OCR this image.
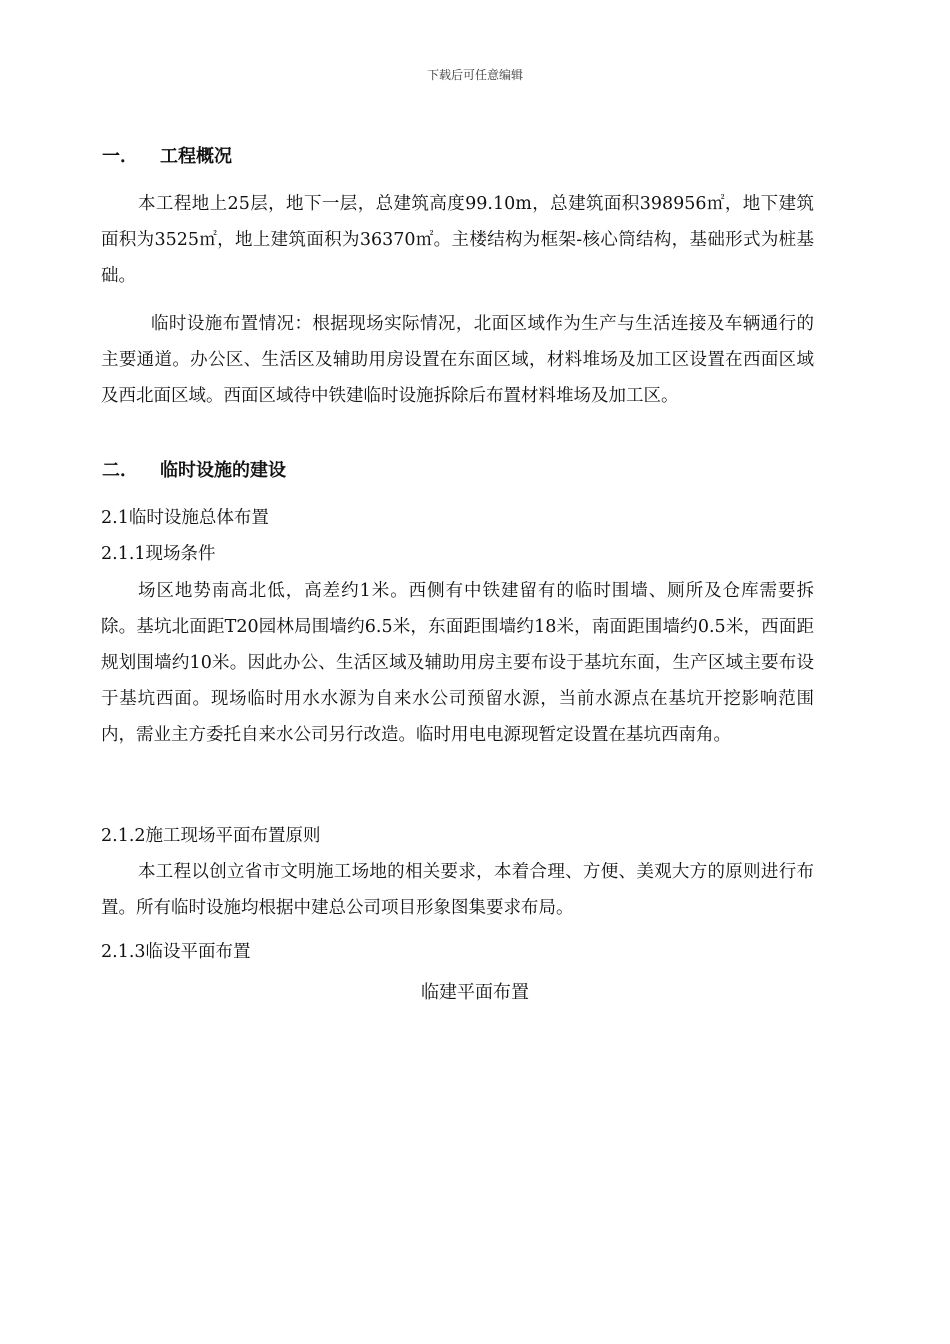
下载后可任意编辑
一． 工程概况

本工程地上25层，地下一层，总建筑高度99.10m，总建筑面积398956㎡，地下建筑面积为3525㎡，地上建筑面积为36370㎡。主楼结构为框架-核心筒结构，基础形式为桩基础。

临时设施布置情况：根据现场实际情况，北面区域作为生产与生活连接及车辆通行的主要通道。办公区、生活区及辅助用房设置在东面区域，材料堆场及加工区设置在西面区域及西北面区域。西面区域待中铁建临时设施拆除后布置材料堆场及加工区。

二． 临时设施的建设
2.1临时设施总体布置
2.1.1现场条件

场区地势南高北低，高差约1米。西侧有中铁建留有的临时围墙、厕所及仓库需要拆除。基坑北面距T20园林局围墙约6.5米，东面距围墙约18米，南面距围墙约0.5米，西面距规划围墙约10米。因此办公、生活区域及辅助用房主要布设于基坑东面，生产区域主要布设于基坑西面。现场临时用水水源为自来水公司预留水源，当前水源点在基坑开挖影响范围内，需业主方委托自来水公司另行改造。临时用电电源现暂定设置在基坑西南角。

2.1.2施工现场平面布置原则

本工程以创立省市文明施工场地的相关要求，本着合理、方便、美观大方的原则进行布置。所有临时设施均根据中建总公司项目形象图集要求布局。

2.1.3临设平面布置
临建平面布置
